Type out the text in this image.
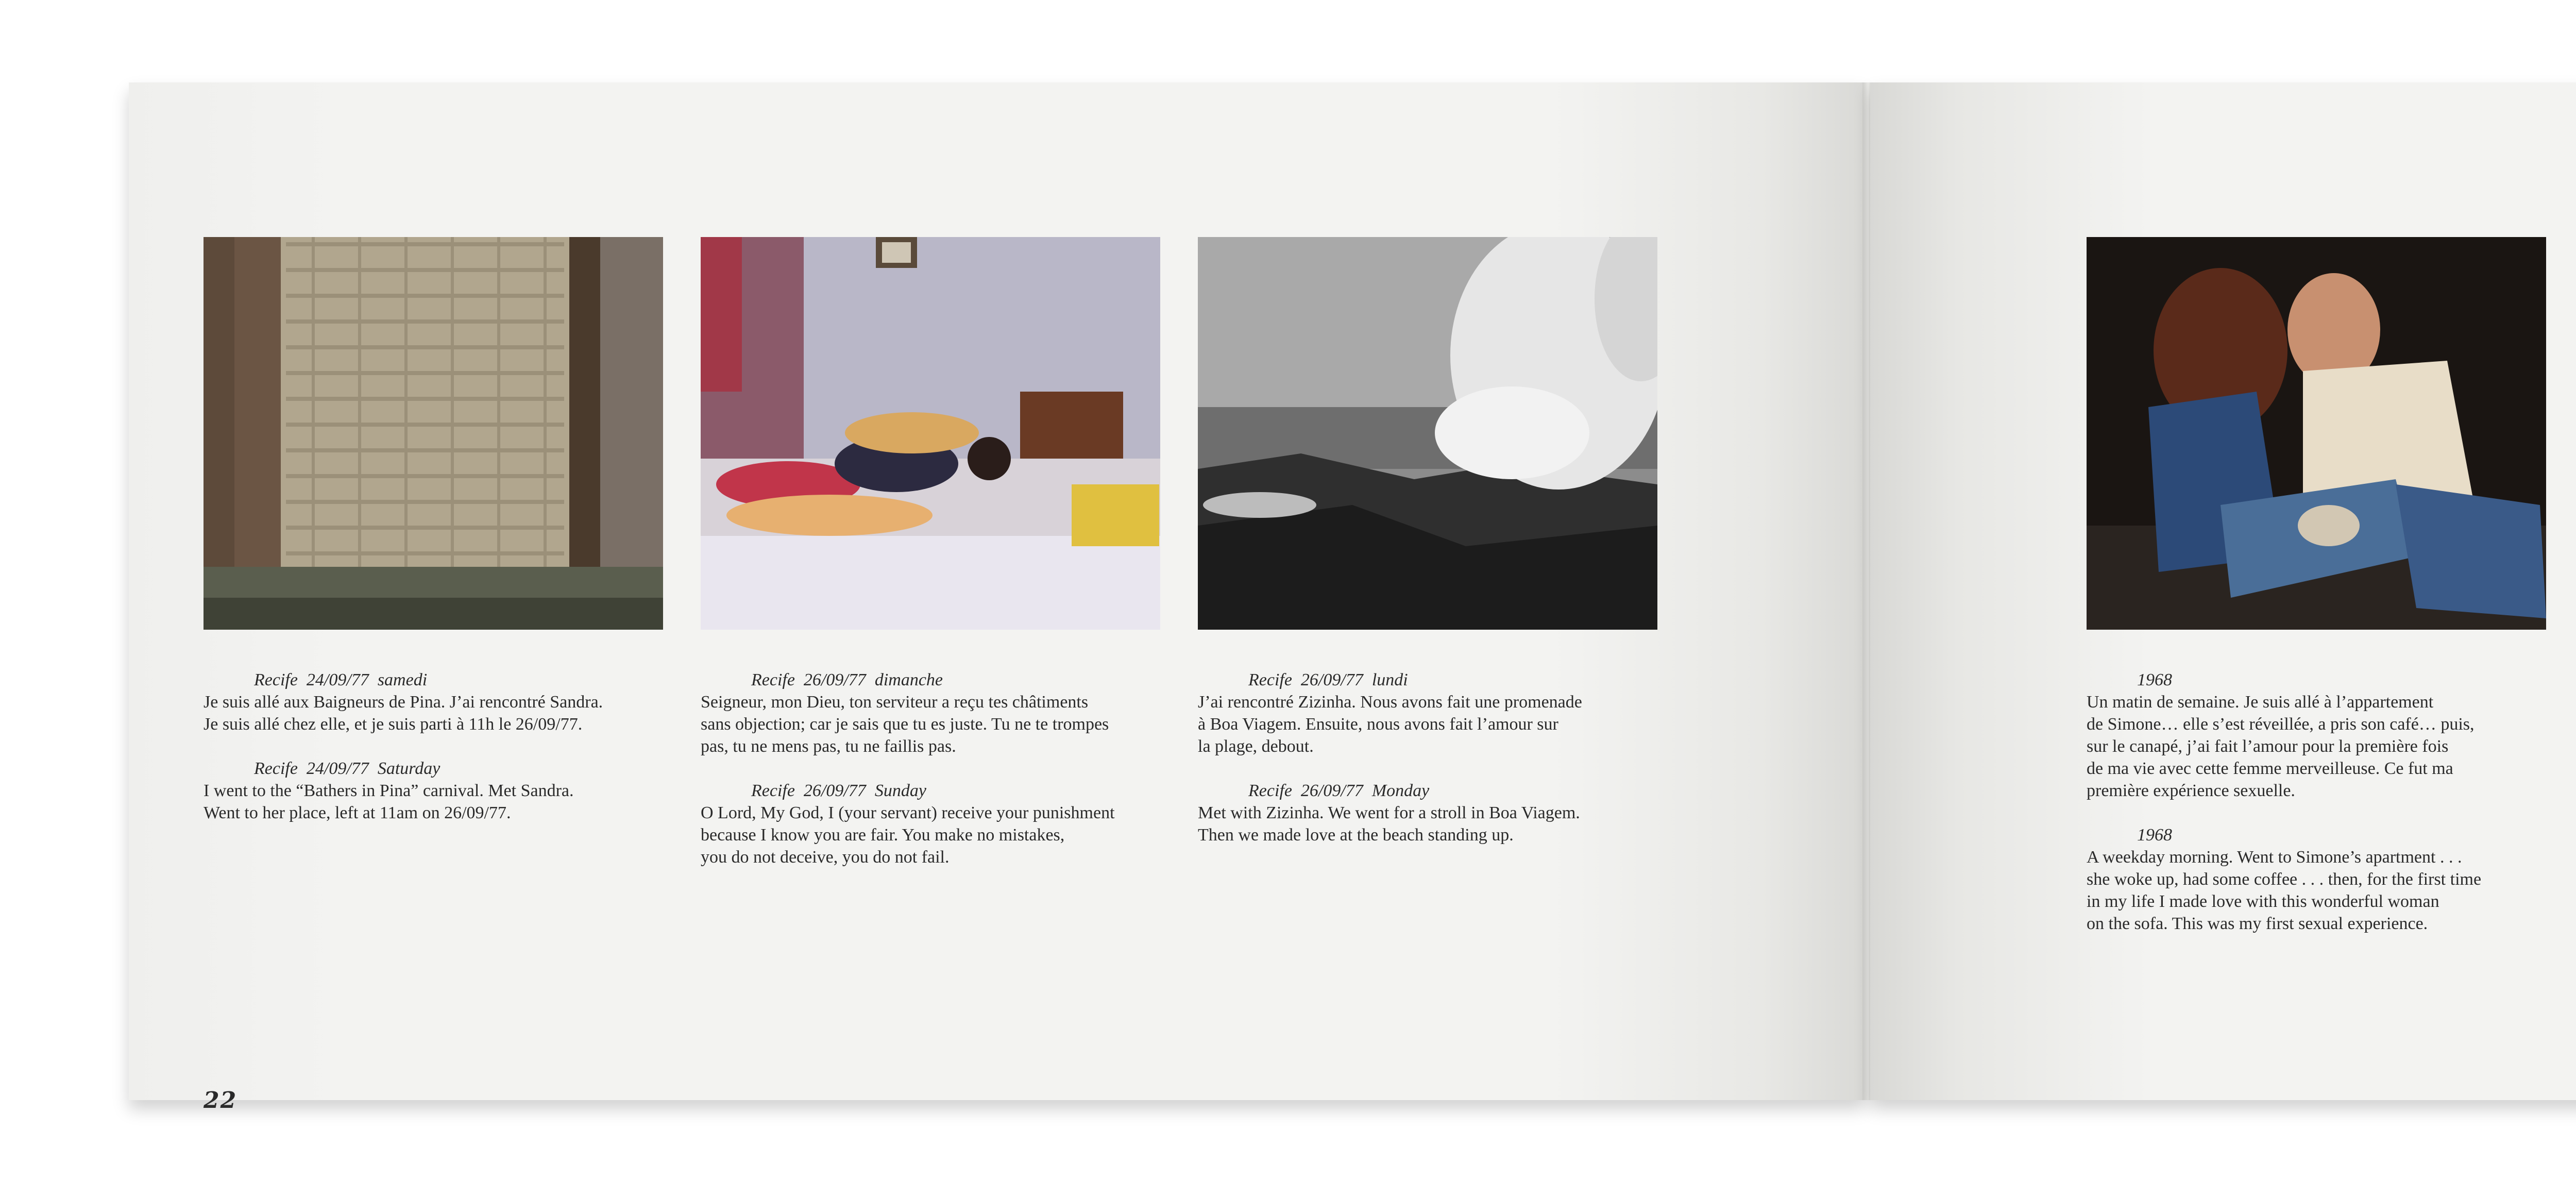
Recife  24/09/77  samedi
Je suis allé aux Baigneurs de Pina. J’ai rencontré Sandra.
Je suis allé chez elle, et je suis parti à 11h le 26/09/77.
Recife  24/09/77  Saturday
I went to the “Bathers in Pina” carnival. Met Sandra.
Went to her place, left at 11am on 26/09/77.
Recife  26/09/77  dimanche
Seigneur, mon Dieu, ton serviteur a reçu tes châtiments
sans objection; car je sais que tu es juste. Tu ne te trompes
pas, tu ne mens pas, tu ne faillis pas.
Recife  26/09/77  Sunday
O Lord, My God, I (your servant) receive your punishment
because I know you are fair. You make no mistakes,
you do not deceive, you do not fail.
Recife  26/09/77  lundi
J’ai rencontré Zizinha. Nous avons fait une promenade
à Boa Viagem. Ensuite, nous avons fait l’amour sur
la plage, debout.
Recife  26/09/77  Monday
Met with Zizinha. We went for a stroll in Boa Viagem.
Then we made love at the beach standing up.
22
1968
Un matin de semaine. Je suis allé à l’appartement
de Simone… elle s’est réveillée, a pris son café… puis,
sur le canapé, j’ai fait l’amour pour la première fois
de ma vie avec cette femme merveilleuse. Ce fut ma
première expérience sexuelle.
1968
A weekday morning. Went to Simone’s apartment . . .
she woke up, had some coffee . . . then, for the first time
in my life I made love with this wonderful woman
on the sofa. This was my first sexual experience.
